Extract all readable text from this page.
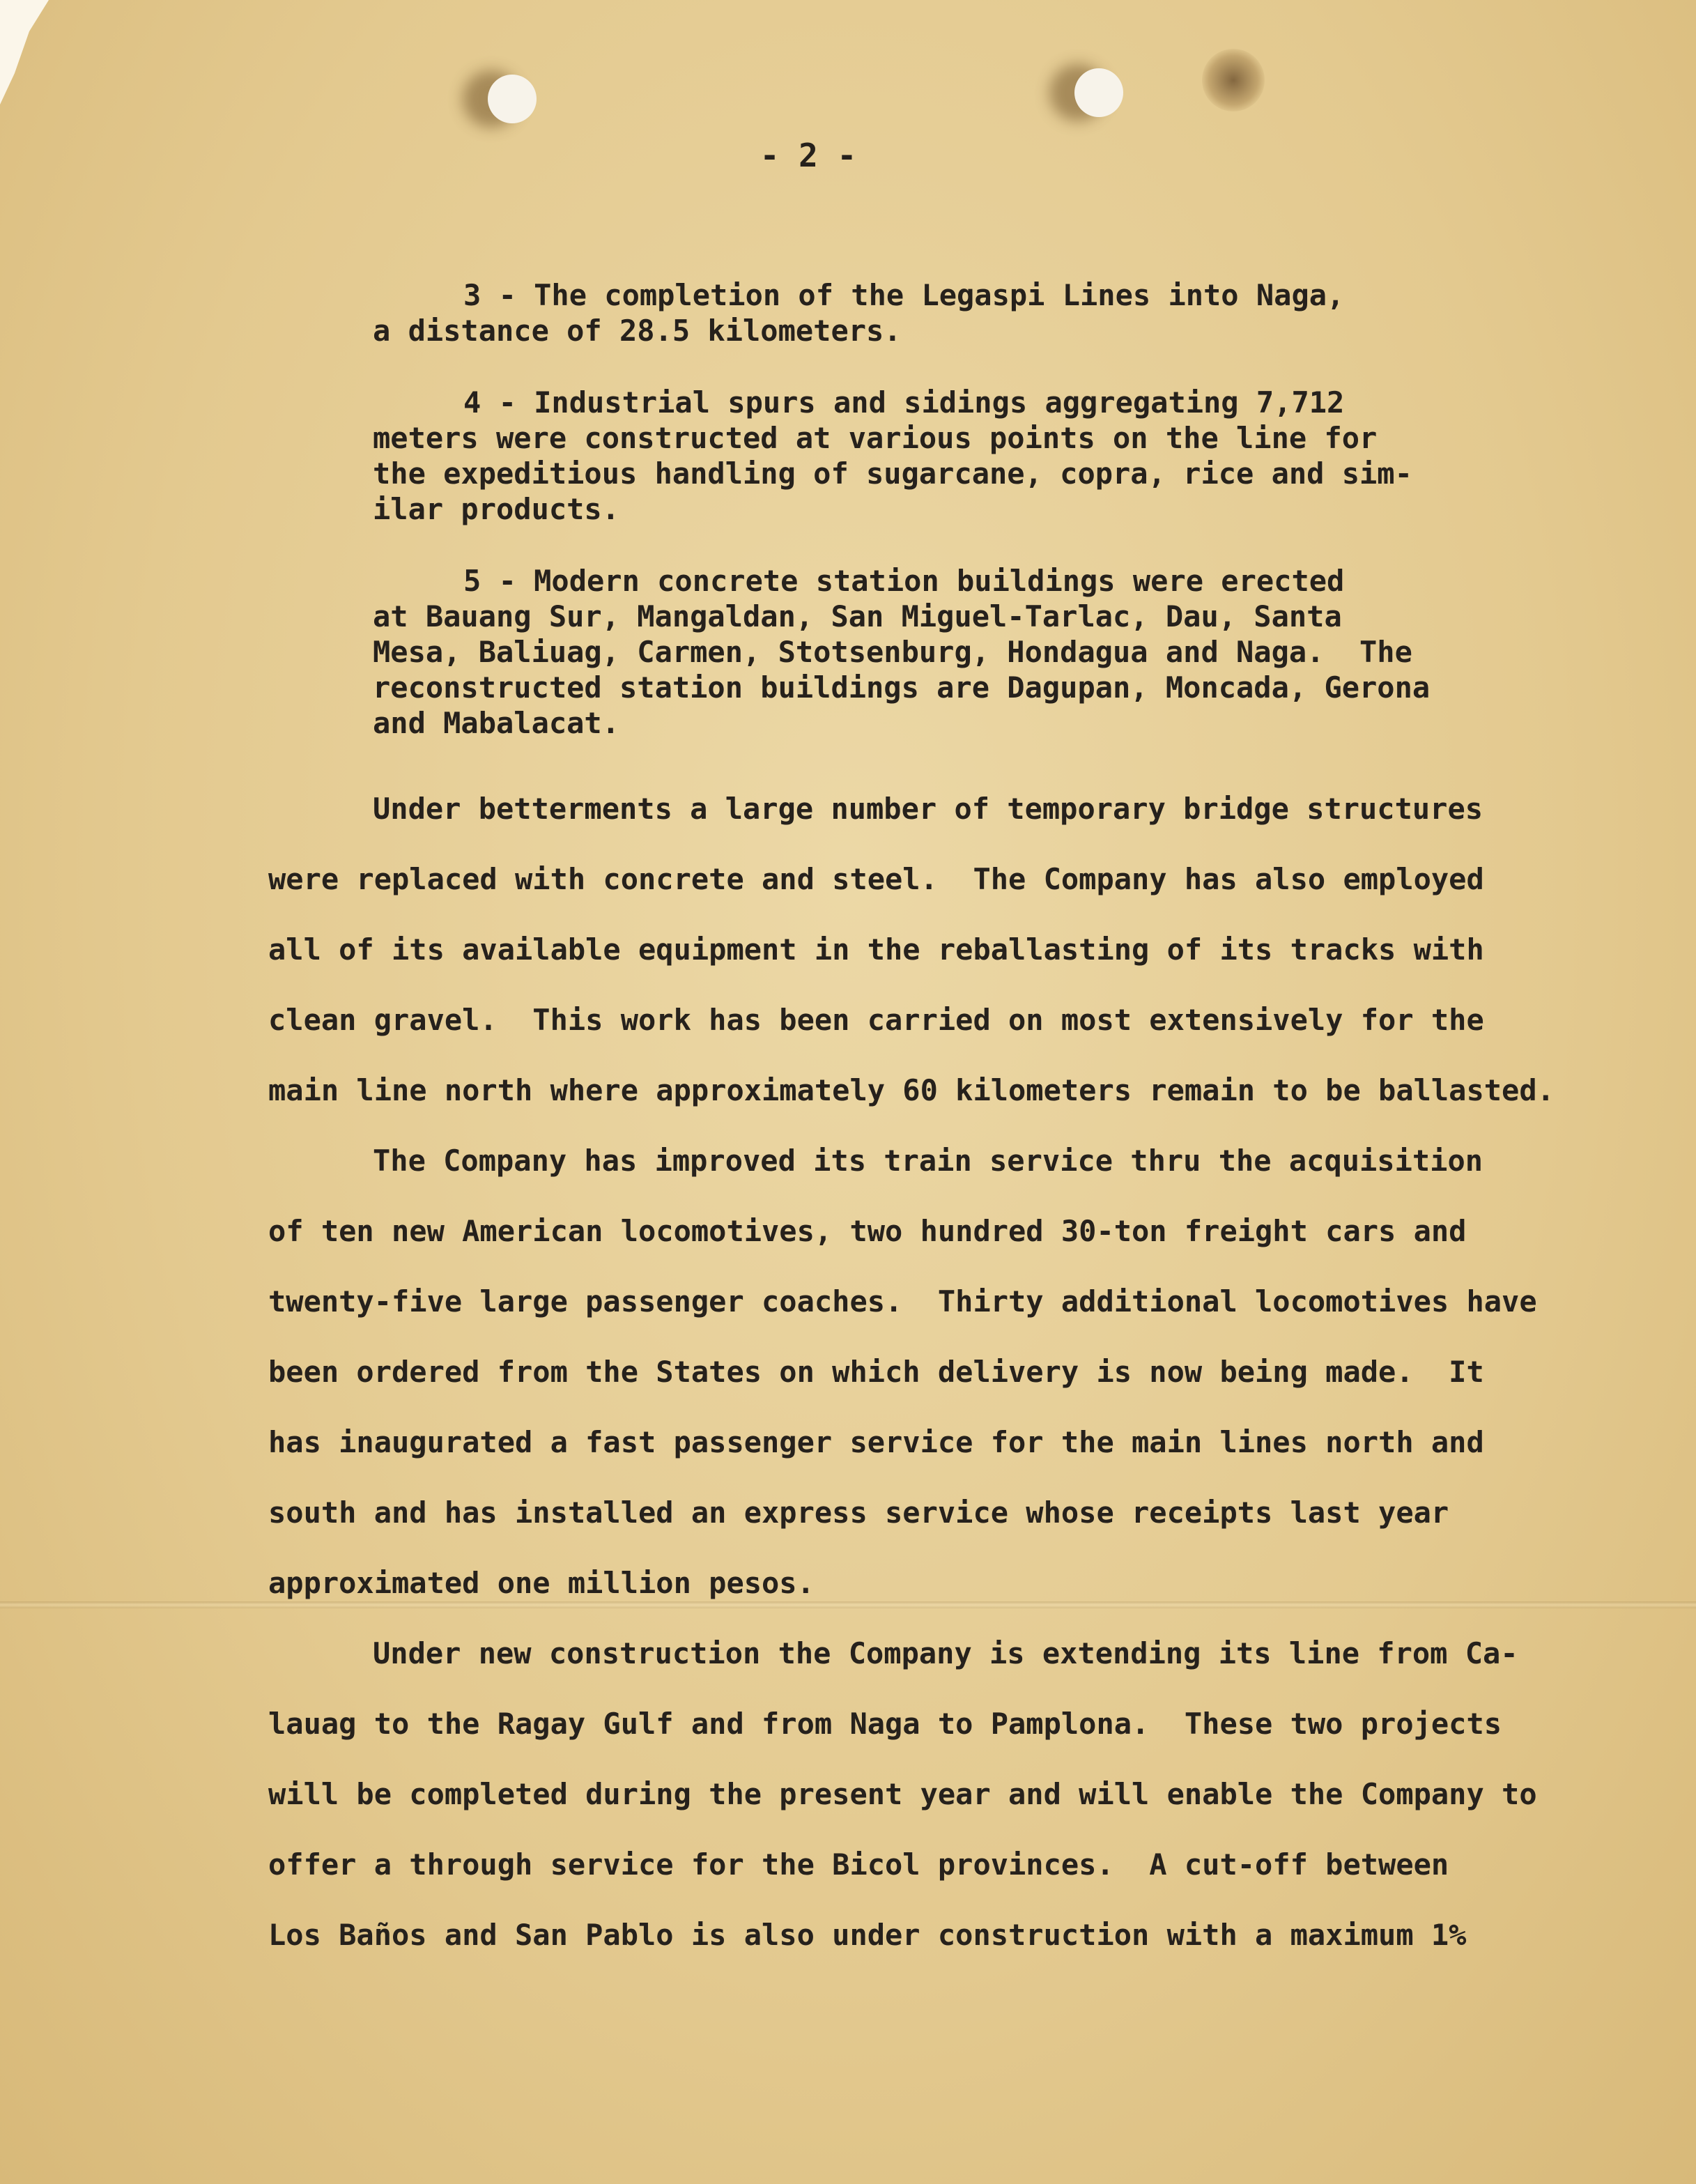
- 2 -
3 - The completion of the Legaspi Lines into Naga,
a distance of 28.5 kilometers.
4 - Industrial spurs and sidings aggregating 7,712
meters were constructed at various points on the line for
the expeditious handling of sugarcane, copra, rice and sim-
ilar products.
5 - Modern concrete station buildings were erected
at Bauang Sur, Mangaldan, San Miguel-Tarlac, Dau, Santa
Mesa, Baliuag, Carmen, Stotsenburg, Hondagua and Naga.  The
reconstructed station buildings are Dagupan, Moncada, Gerona
and Mabalacat.
Under betterments a large number of temporary bridge structures
were replaced with concrete and steel.  The Company has also employed
all of its available equipment in the reballasting of its tracks with
clean gravel.  This work has been carried on most extensively for the
main line north where approximately 60 kilometers remain to be ballasted.
The Company has improved its train service thru the acquisition
of ten new American locomotives, two hundred 30-ton freight cars and
twenty-five large passenger coaches.  Thirty additional locomotives have
been ordered from the States on which delivery is now being made.  It
has inaugurated a fast passenger service for the main lines north and
south and has installed an express service whose receipts last year
approximated one million pesos.
Under new construction the Company is extending its line from Ca-
lauag to the Ragay Gulf and from Naga to Pamplona.  These two projects
will be completed during the present year and will enable the Company to
offer a through service for the Bicol provinces.  A cut-off between
Los Baños and San Pablo is also under construction with a maximum 1%
